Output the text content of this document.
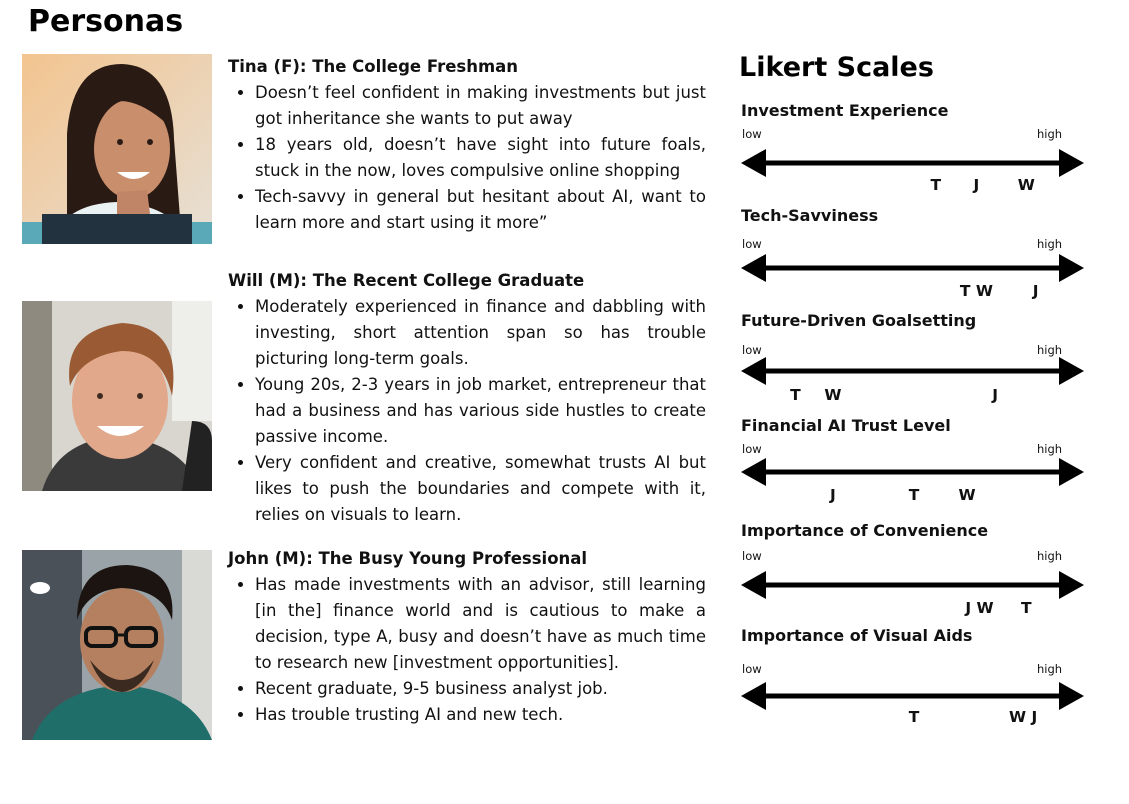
Personas
Tina (F): The College Freshman
• Doesn’t feel confident in making investments but just got inheritance she wants to put away
• 18 years old, doesn’t have sight into future foals, stuck in the now, loves compulsive online shopping
• Tech-savvy in general but hesitant about AI, want to learn more and start using it more”
Will (M): The Recent College Graduate
• Moderately experienced in finance and dabbling with investing, short attention span so has trouble picturing long-term goals.
• Young 20s, 2-3 years in job market, entrepreneur that had a business and has various side hustles to create passive income.
• Very confident and creative, somewhat trusts AI but likes to push the boundaries and compete with it, relies on visuals to learn.
John (M): The Busy Young Professional
• Has made investments with an advisor, still learning [in the] finance world and is cautious to make a decision, type A, busy and doesn’t have as much time to research new [investment opportunities].
• Recent graduate, 9-5 business analyst job.
• Has trouble trusting AI and new tech.
Likert Scales
Investment Experience
low	high
T J W
Tech-Savviness
low	high
T W	J
Future-Driven Goalsetting
low	high
T W	J
Financial AI Trust Level
low	high
J	T	W
Importance of Convenience
low	high
J W T
Importance of Visual Aids
low	high
T	W J
